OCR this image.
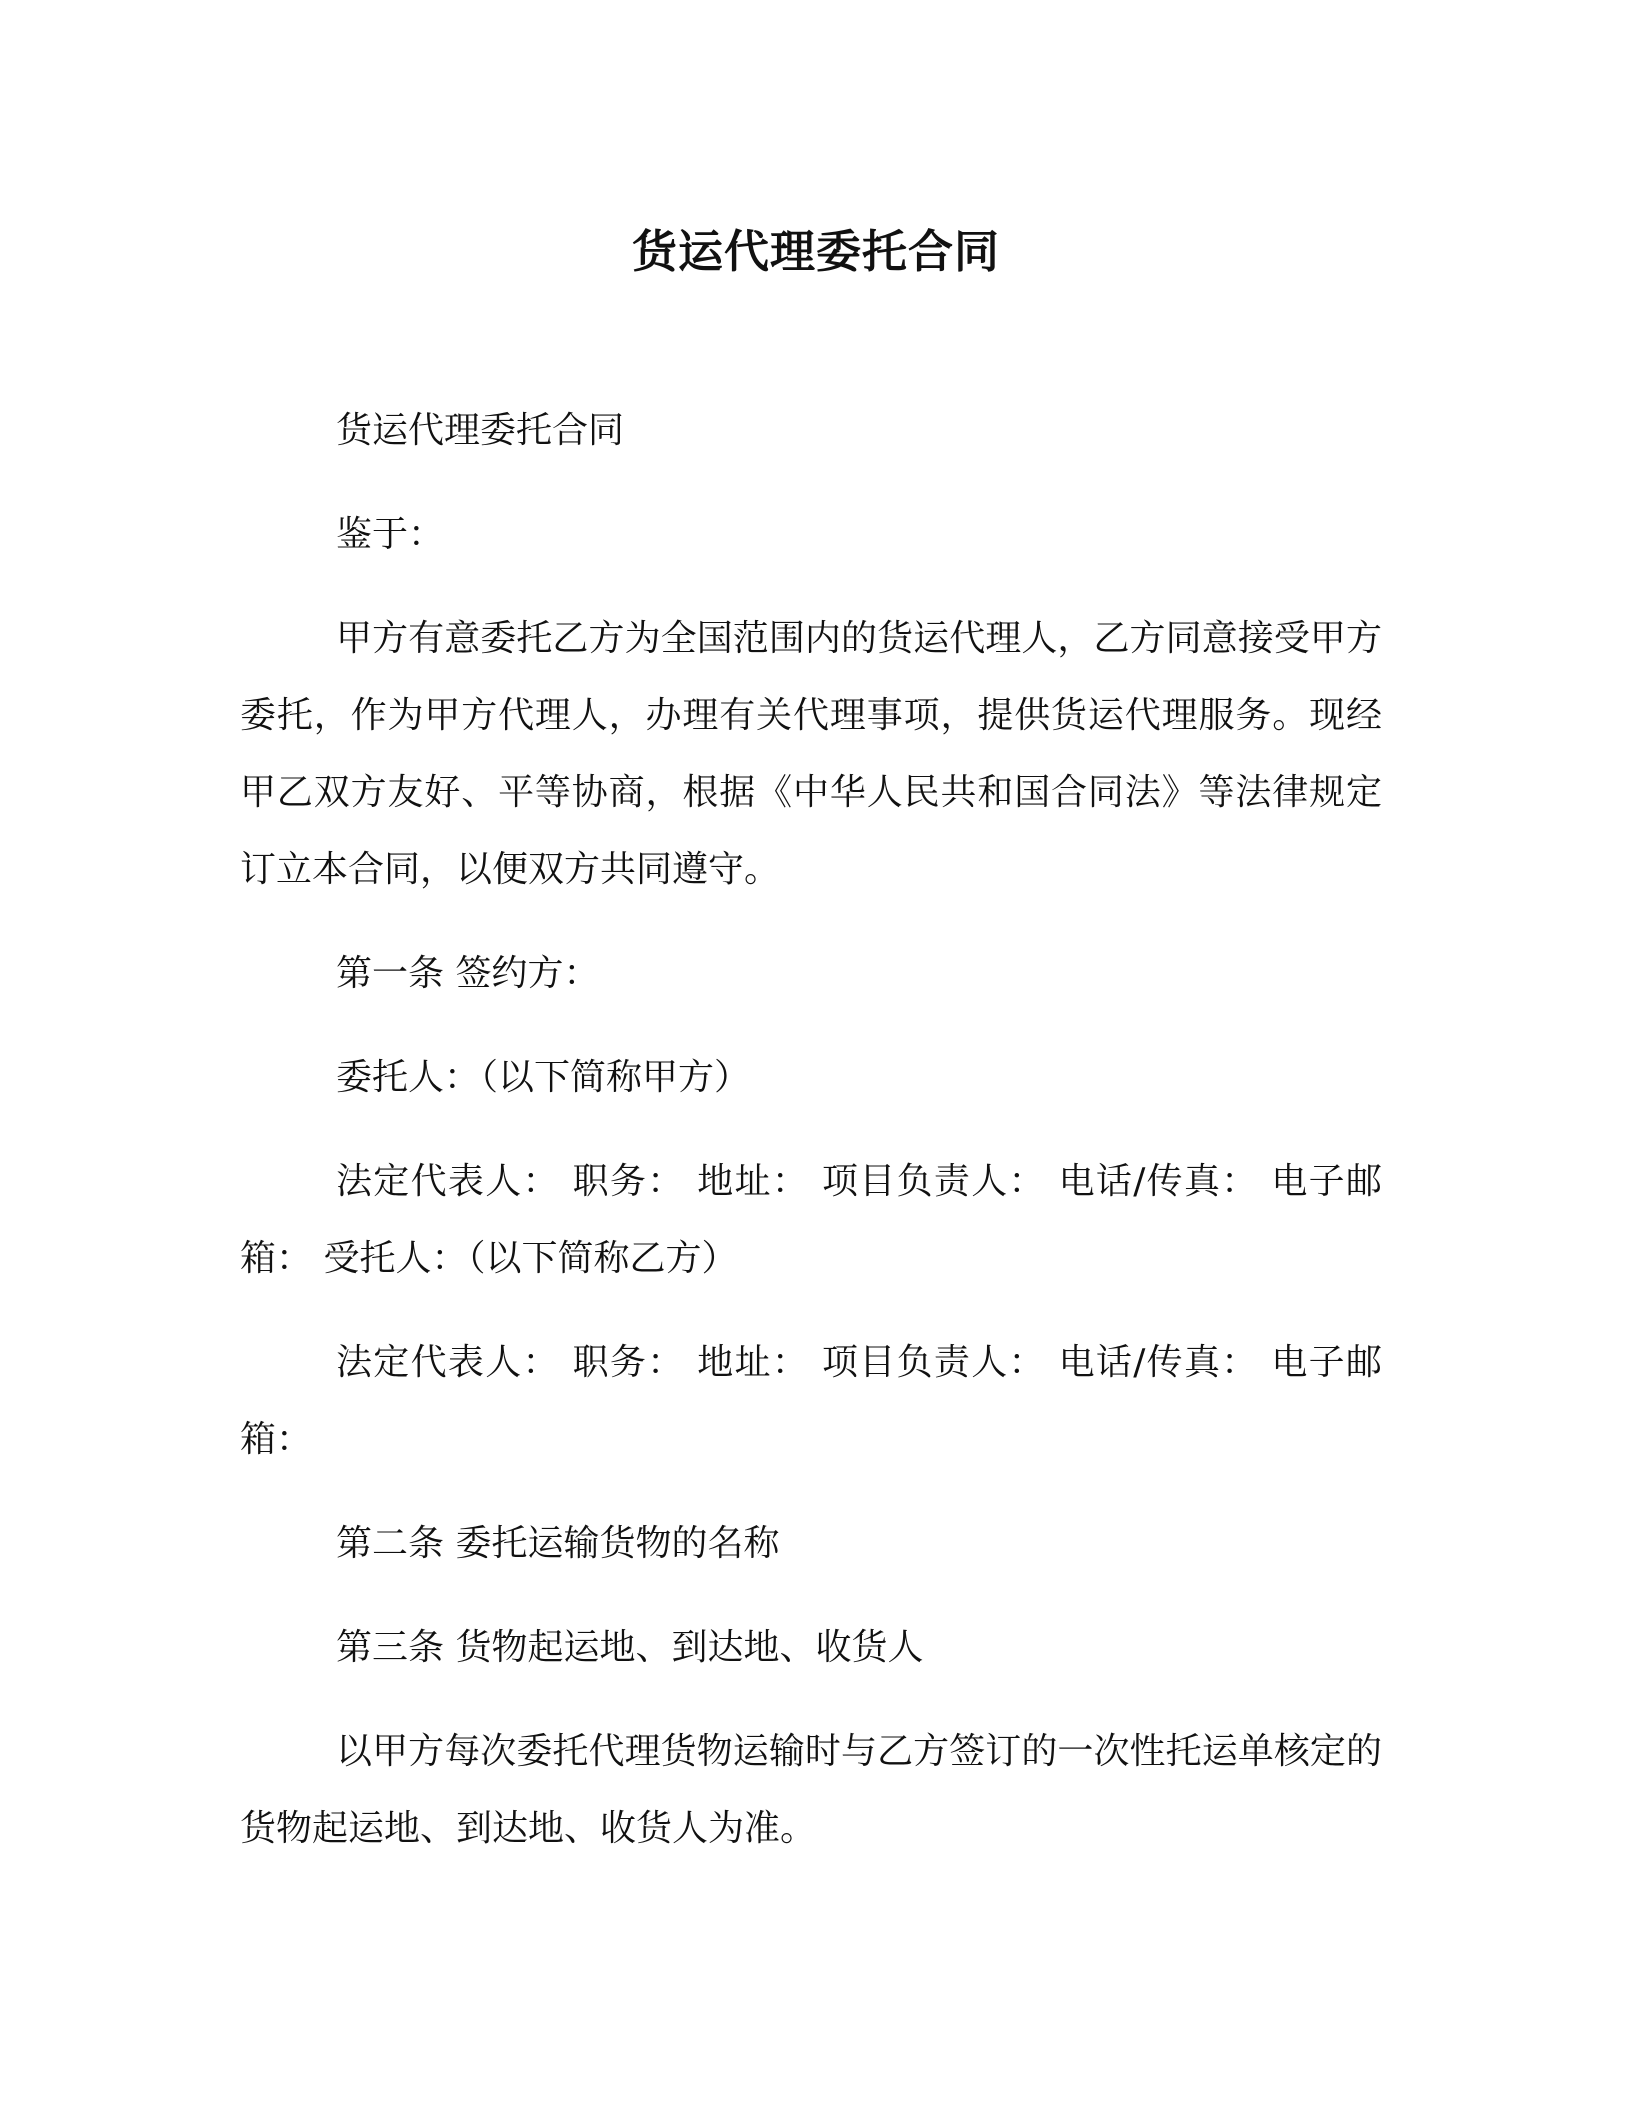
货运代理委托合同

货运代理委托合同

鉴于：

甲方有意委托乙方为全国范围内的货运代理人，乙方同意接受甲方委托，作为甲方代理人，办理有关代理事项，提供货运代理服务。现经甲乙双方友好、平等协商，根据《中华人民共和国合同法》等法律规定订立本合同，以便双方共同遵守。

第一条 签约方：

委托人：（以下简称甲方）

法定代表人： 职务： 地址： 项目负责人： 电话/传真： 电子邮箱： 受托人：（以下简称乙方）

法定代表人： 职务： 地址： 项目负责人： 电话/传真： 电子邮箱：

第二条 委托运输货物的名称

第三条 货物起运地、到达地、收货人

以甲方每次委托代理货物运输时与乙方签订的一次性托运单核定的货物起运地、到达地、收货人为准。
